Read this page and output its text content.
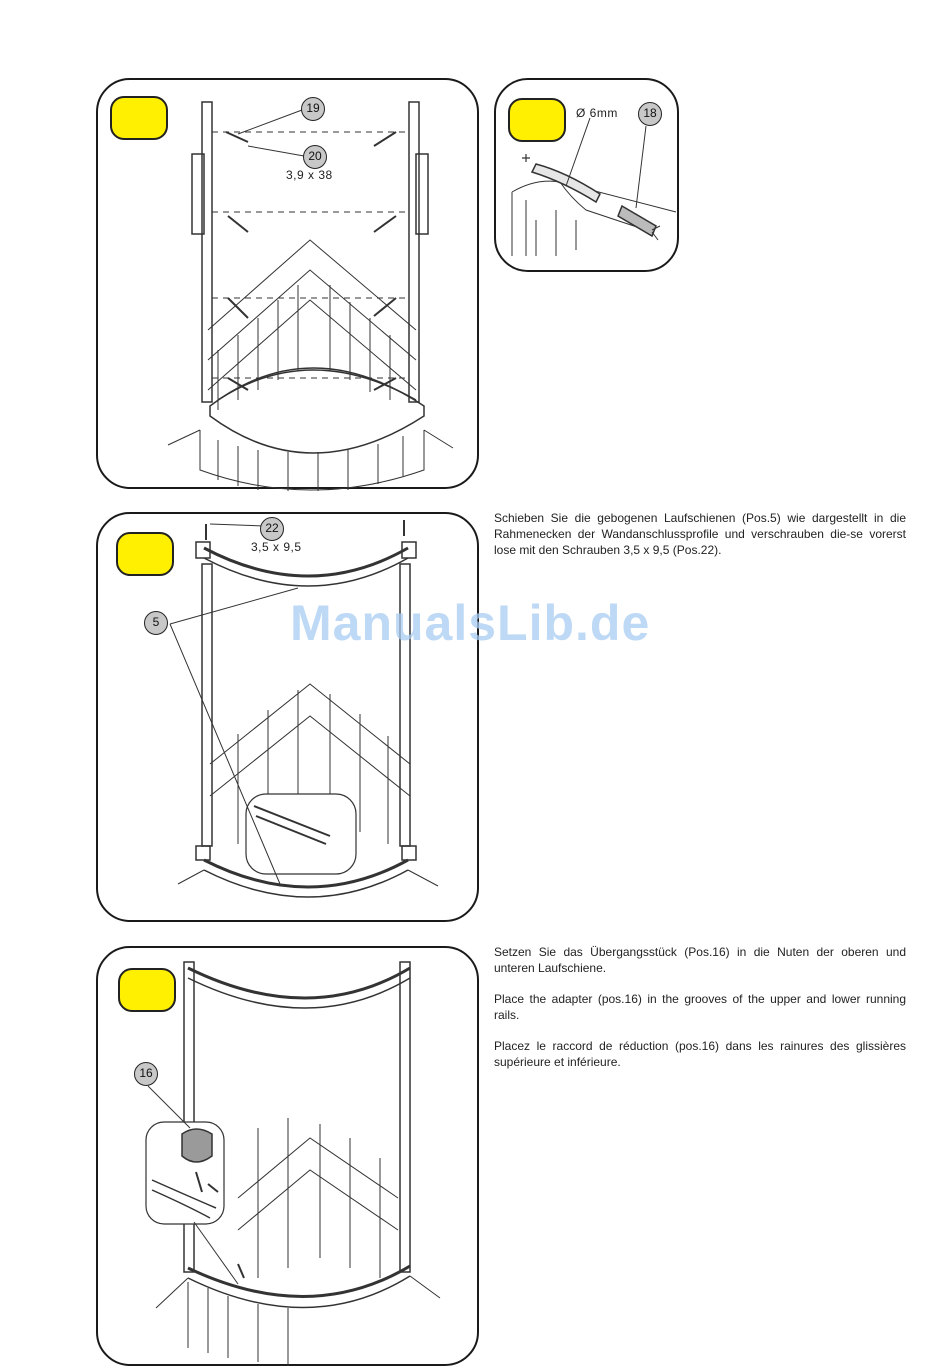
19
20
3,9 x 38
Ø 6mm	18
22
3,5 x 9,5
5

Schieben Sie die gebogenen Laufschienen (Pos.5) wie dargestellt in die Rahmenecken der Wandanschlussprofile und verschrauben die-se vorerst lose mit den Schrauben 3,5 x 9,5 (Pos.22).

ManualsLib.de
16

Setzen Sie das Übergangsstück (Pos.16) in die Nuten der oberen und unteren Laufschiene.

Place the adapter (pos.16) in the grooves of the upper and lower running rails.

Placez le raccord de réduction (pos.16) dans les rainures des glissières supérieure et inférieure.
